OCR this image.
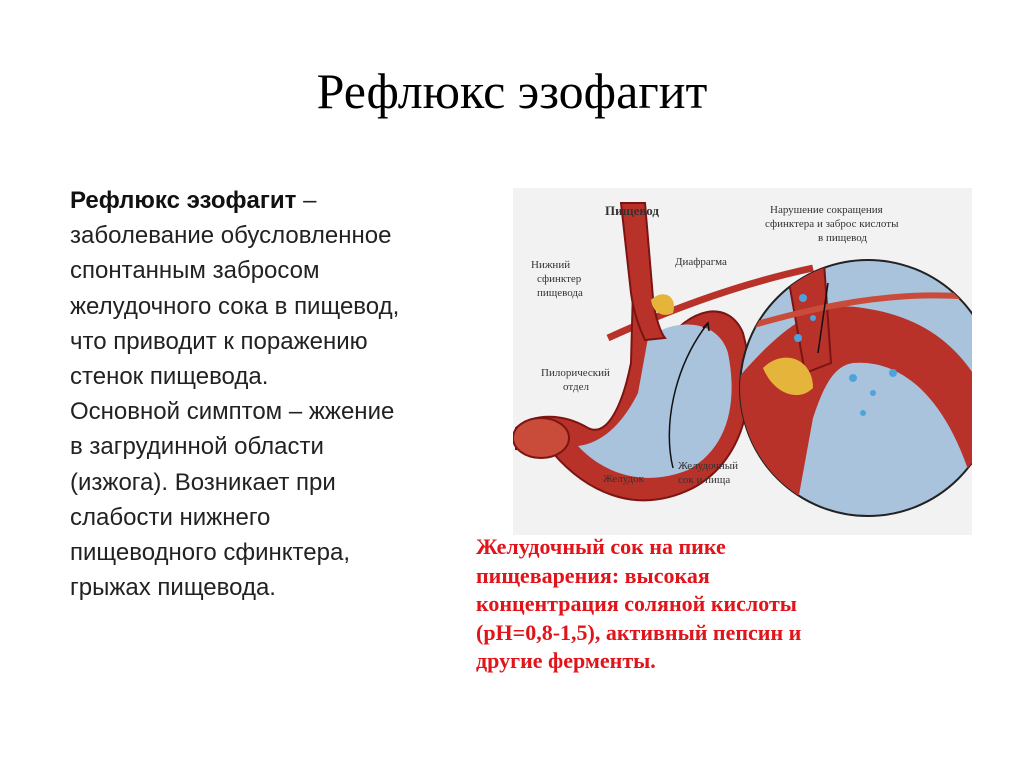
Рефлюкс эзофагит
Рефлюкс эзофагит –
заболевание обусловленное
спонтанным забросом
желудочного сока в пищевод,
что приводит к поражению
стенок пищевода.
Основной симптом – жжение
в загрудинной области
(изжога). Возникает при
слабости нижнего
пищеводного сфинктера,
грыжах пищевода.
Пищевод
Нижний
сфинктер
пищевода
Диафрагма
Пилорический
отдел
Желудок
Желудочный
сок и пища
Нарушение сокращения
сфинктера и заброс кислоты
в пищевод
Желудочный сок на пике
пищеварения: высокая
концентрация соляной кислоты
(pH=0,8-1,5), активный пепсин и
другие ферменты.
